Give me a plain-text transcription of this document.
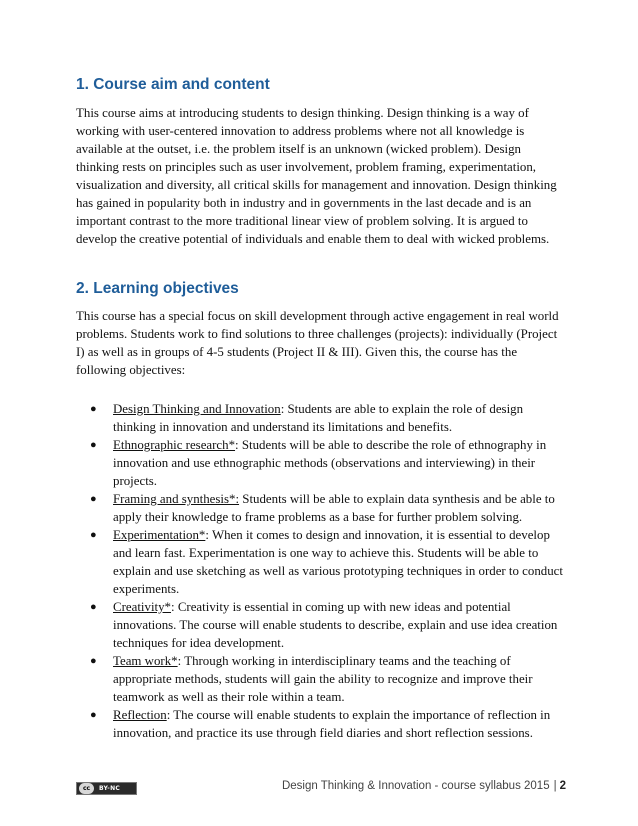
1. Course aim and content

This course aims at introducing students to design thinking. Design thinking is a way of working with user-centered innovation to address problems where not all knowledge is available at the outset, i.e. the problem itself is an unknown (wicked problem). Design thinking rests on principles such as user involvement, problem framing, experimentation, visualization and diversity, all critical skills for management and innovation. Design thinking has gained in popularity both in industry and in governments in the last decade and is an important contrast to the more traditional linear view of problem solving. It is argued to develop the creative potential of individuals and enable them to deal with wicked problems.

2. Learning objectives

This course has a special focus on skill development through active engagement in real world problems. Students work to find solutions to three challenges (projects): individually (Project I) as well as in groups of 4-5 students (Project II & III). Given this, the course has the following objectives:

● Design Thinking and Innovation: Students are able to explain the role of design thinking in innovation and understand its limitations and benefits.
● Ethnographic research*: Students will be able to describe the role of ethnography in innovation and use ethnographic methods (observations and interviewing) in their projects.
● Framing and synthesis*: Students will be able to explain data synthesis and be able to apply their knowledge to frame problems as a base for further problem solving.
● Experimentation*: When it comes to design and innovation, it is essential to develop and learn fast. Experimentation is one way to achieve this. Students will be able to explain and use sketching as well as various prototyping techniques in order to conduct experiments.
● Creativity*: Creativity is essential in coming up with new ideas and potential innovations. The course will enable students to describe, explain and use idea creation techniques for idea development.
● Team work*: Through working in interdisciplinary teams and the teaching of appropriate methods, students will gain the ability to recognize and improve their teamwork as well as their role within a team.
● Reflection: The course will enable students to explain the importance of reflection in innovation, and practice its use through field diaries and short reflection sessions.
cc	BY-NC	Design Thinking & Innovation - course syllabus 2015 | 2
